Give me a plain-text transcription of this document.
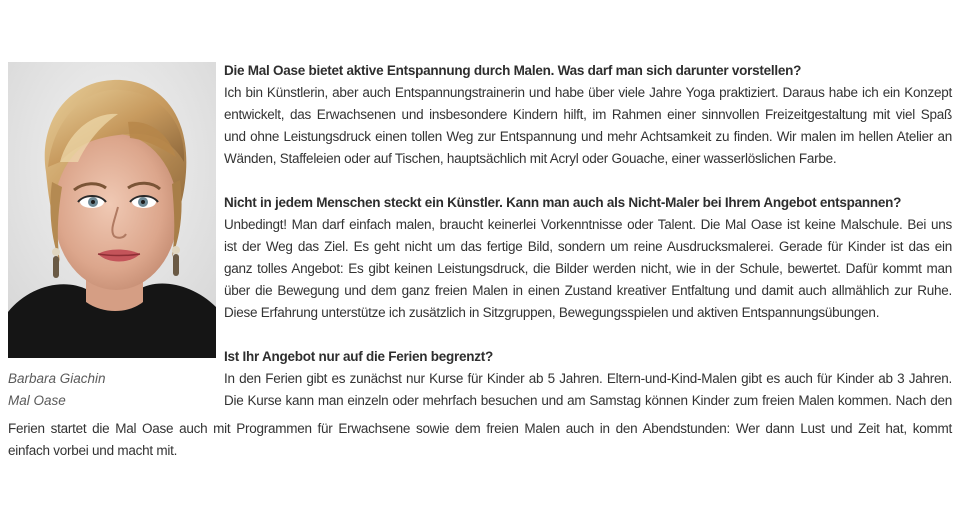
Barbara Giachin
Mal Oase
Die Mal Oase bietet aktive Entspannung durch Malen. Was darf man sich darunter vorstellen?
Ich bin Künstlerin, aber auch Entspannungstrainerin und habe über viele Jahre Yoga praktiziert. Daraus habe ich ein Konzept
entwickelt, das Erwachsenen und insbesondere Kindern hilft, im Rahmen einer sinnvollen Freizeitgestaltung mit viel Spaß
und ohne Leistungsdruck einen tollen Weg zur Entspannung und mehr Achtsamkeit zu finden. Wir malen im hellen Atelier an
Wänden, Staffeleien oder auf Tischen, hauptsächlich mit Acryl oder Gouache, einer wasserlöslichen Farbe.
Nicht in jedem Menschen steckt ein Künstler. Kann man auch als Nicht-Maler bei Ihrem Angebot entspannen?
Unbedingt! Man darf einfach malen, braucht keinerlei Vorkenntnisse oder Talent. Die Mal Oase ist keine Malschule. Bei uns
ist der Weg das Ziel. Es geht nicht um das fertige Bild, sondern um reine Ausdrucksmalerei. Gerade für Kinder ist das ein
ganz tolles Angebot: Es gibt keinen Leistungsdruck, die Bilder werden nicht, wie in der Schule, bewertet. Dafür kommt man
über die Bewegung und dem ganz freien Malen in einen Zustand kreativer Entfaltung und damit auch allmählich zur Ruhe.
Diese Erfahrung unterstütze ich zusätzlich in Sitzgruppen, Bewegungsspielen und aktiven Entspannungsübungen.
Ist Ihr Angebot nur auf die Ferien begrenzt?
In den Ferien gibt es zunächst nur Kurse für Kinder ab 5 Jahren. Eltern-und-Kind-Malen gibt es auch für Kinder ab 3 Jahren.
Die Kurse kann man einzeln oder mehrfach besuchen und am Samstag können Kinder zum freien Malen kommen. Nach den
Ferien startet die Mal Oase auch mit Programmen für Erwachsene sowie dem freien Malen auch in den Abendstunden: Wer dann Lust und Zeit hat, kommt
einfach vorbei und macht mit.
